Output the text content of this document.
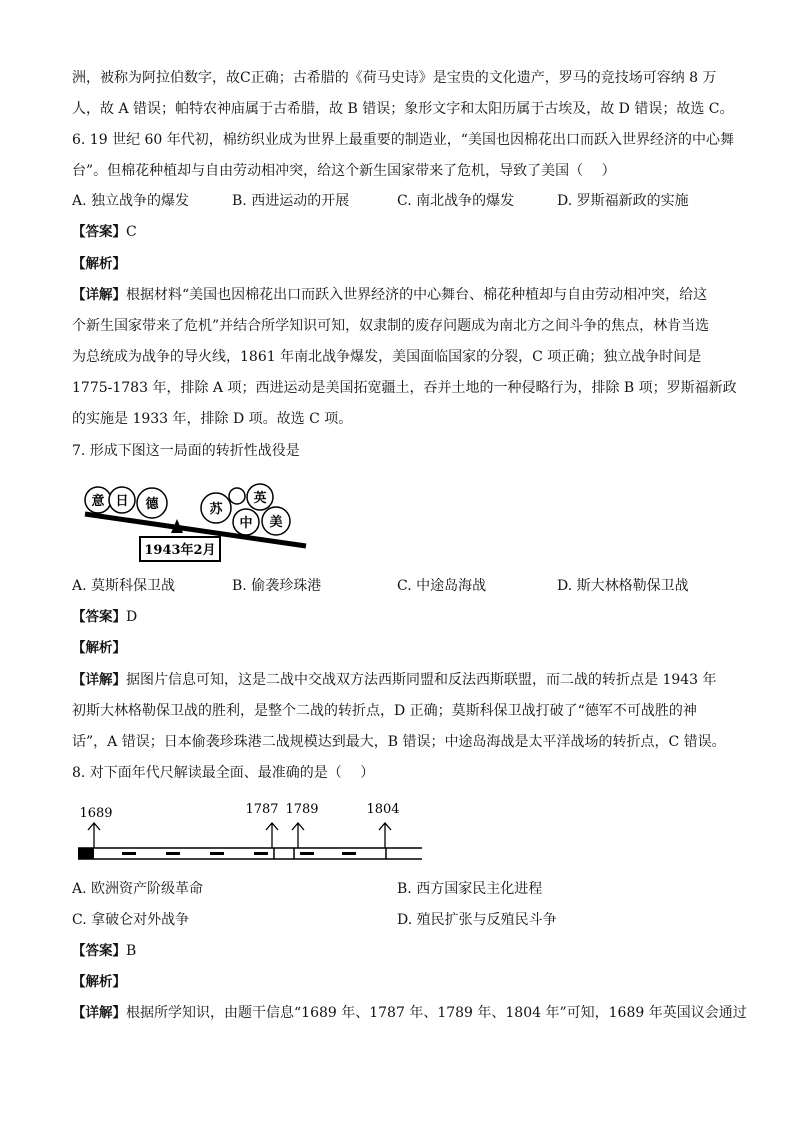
洲，被称为阿拉伯数字，故C正确；古希腊的《荷马史诗》是宝贵的文化遗产，罗马的竞技场可容纳 8 万
人，故 A 错误；帕特农神庙属于古希腊，故 B 错误；象形文字和太阳历属于古埃及，故 D 错误；故选 C。
6. 19 世纪 60 年代初，棉纺织业成为世界上最重要的制造业，“美国也因棉花出口而跃入世界经济的中心舞
台”。但棉花种植却与自由劳动相冲突，给这个新生国家带来了危机，导致了美国（　 ）
A. 独立战争的爆发	B. 西进运动的开展	C. 南北战争的爆发	D. 罗斯福新政的实施
【答案】C
【解析】
【详解】根据材料“美国也因棉花出口而跃入世界经济的中心舞台、棉花种植却与自由劳动相冲突，给这
个新生国家带来了危机”并结合所学知识可知，奴隶制的废存问题成为南北方之间斗争的焦点，林肯当选
为总统成为战争的导火线，1861 年南北战争爆发，美国面临国家的分裂，C 项正确；独立战争时间是
1775-1783 年，排除 A 项；西进运动是美国拓宽疆土，吞并土地的一种侵略行为，排除 B 项；罗斯福新政
的实施是 1933 年，排除 D 项。故选 C 项。
7. 形成下图这一局面的转折性战役是
1943年2月
意 日 德	苏
中
英
美
A. 莫斯科保卫战	B. 偷袭珍珠港	C. 中途岛海战	D. 斯大林格勒保卫战
【答案】D
【解析】
【详解】据图片信息可知，这是二战中交战双方法西斯同盟和反法西斯联盟，而二战的转折点是 1943 年
初斯大林格勒保卫战的胜利，是整个二战的转折点，D 正确；莫斯科保卫战打破了“德军不可战胜的神
话”，A 错误；日本偷袭珍珠港二战规模达到最大，B 错误；中途岛海战是太平洋战场的转折点，C 错误。
8. 对下面年代尺解读最全面、最准确的是（　 ）
1689	1787 1789	1804
A. 欧洲资产阶级革命	B. 西方国家民主化进程
C. 拿破仑对外战争	D. 殖民扩张与反殖民斗争
【答案】B
【解析】
【详解】根据所学知识，由题干信息“1689 年、1787 年、1789 年、1804 年”可知，1689 年英国议会通过
